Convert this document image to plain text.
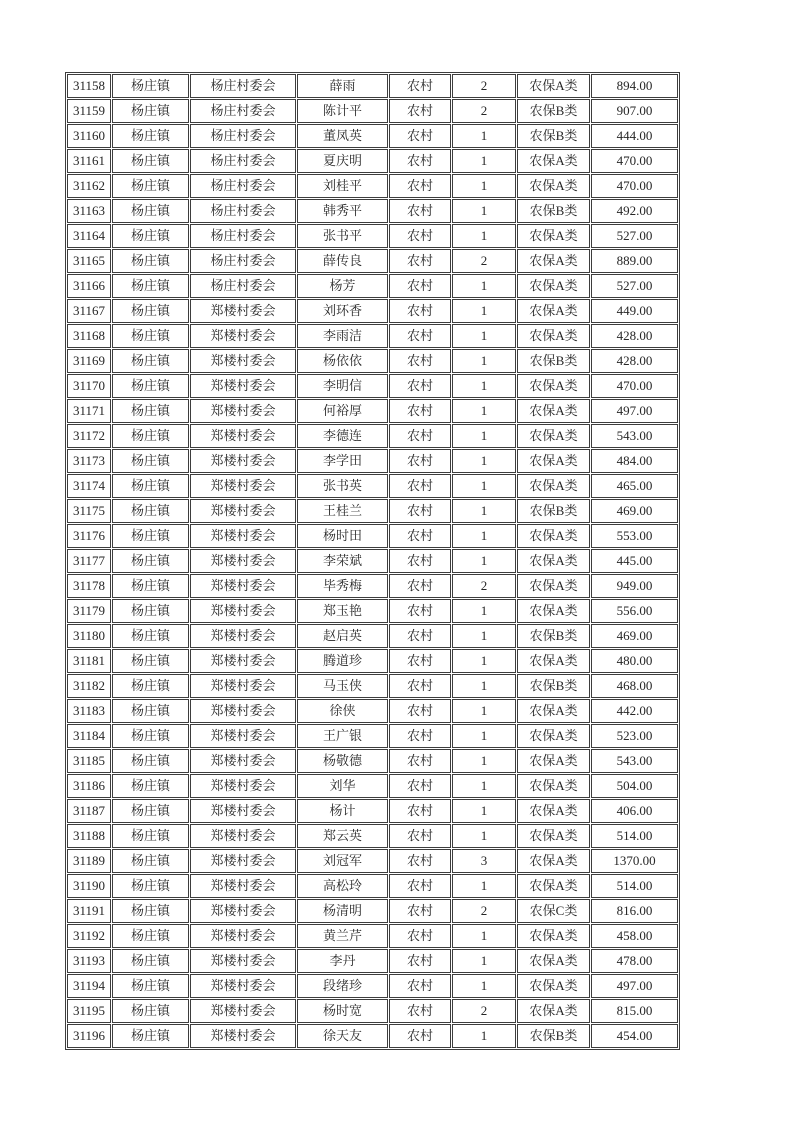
31158	杨庄镇	杨庄村委会	薛雨	农村	2	农保A类	894.00
31159	杨庄镇	杨庄村委会	陈计平	农村	2	农保B类	907.00
31160	杨庄镇	杨庄村委会	董凤英	农村	1	农保B类	444.00
31161	杨庄镇	杨庄村委会	夏庆明	农村	1	农保A类	470.00
31162	杨庄镇	杨庄村委会	刘桂平	农村	1	农保A类	470.00
31163	杨庄镇	杨庄村委会	韩秀平	农村	1	农保B类	492.00
31164	杨庄镇	杨庄村委会	张书平	农村	1	农保A类	527.00
31165	杨庄镇	杨庄村委会	薛传良	农村	2	农保A类	889.00
31166	杨庄镇	杨庄村委会	杨芳	农村	1	农保A类	527.00
31167	杨庄镇	郑楼村委会	刘环香	农村	1	农保A类	449.00
31168	杨庄镇	郑楼村委会	李雨洁	农村	1	农保A类	428.00
31169	杨庄镇	郑楼村委会	杨依依	农村	1	农保B类	428.00
31170	杨庄镇	郑楼村委会	李明信	农村	1	农保A类	470.00
31171	杨庄镇	郑楼村委会	何裕厚	农村	1	农保A类	497.00
31172	杨庄镇	郑楼村委会	李德连	农村	1	农保A类	543.00
31173	杨庄镇	郑楼村委会	李学田	农村	1	农保A类	484.00
31174	杨庄镇	郑楼村委会	张书英	农村	1	农保A类	465.00
31175	杨庄镇	郑楼村委会	王桂兰	农村	1	农保B类	469.00
31176	杨庄镇	郑楼村委会	杨时田	农村	1	农保A类	553.00
31177	杨庄镇	郑楼村委会	李荣斌	农村	1	农保A类	445.00
31178	杨庄镇	郑楼村委会	毕秀梅	农村	2	农保A类	949.00
31179	杨庄镇	郑楼村委会	郑玉艳	农村	1	农保A类	556.00
31180	杨庄镇	郑楼村委会	赵启英	农村	1	农保B类	469.00
31181	杨庄镇	郑楼村委会	腾道珍	农村	1	农保A类	480.00
31182	杨庄镇	郑楼村委会	马玉侠	农村	1	农保B类	468.00
31183	杨庄镇	郑楼村委会	徐侠	农村	1	农保A类	442.00
31184	杨庄镇	郑楼村委会	王广银	农村	1	农保A类	523.00
31185	杨庄镇	郑楼村委会	杨敬德	农村	1	农保A类	543.00
31186	杨庄镇	郑楼村委会	刘华	农村	1	农保A类	504.00
31187	杨庄镇	郑楼村委会	杨计	农村	1	农保A类	406.00
31188	杨庄镇	郑楼村委会	郑云英	农村	1	农保A类	514.00
31189	杨庄镇	郑楼村委会	刘冠军	农村	3	农保A类	1370.00
31190	杨庄镇	郑楼村委会	高松玲	农村	1	农保A类	514.00
31191	杨庄镇	郑楼村委会	杨清明	农村	2	农保C类	816.00
31192	杨庄镇	郑楼村委会	黄兰芹	农村	1	农保A类	458.00
31193	杨庄镇	郑楼村委会	李丹	农村	1	农保A类	478.00
31194	杨庄镇	郑楼村委会	段绪珍	农村	1	农保A类	497.00
31195	杨庄镇	郑楼村委会	杨时宽	农村	2	农保A类	815.00
31196	杨庄镇	郑楼村委会	徐天友	农村	1	农保B类	454.00
